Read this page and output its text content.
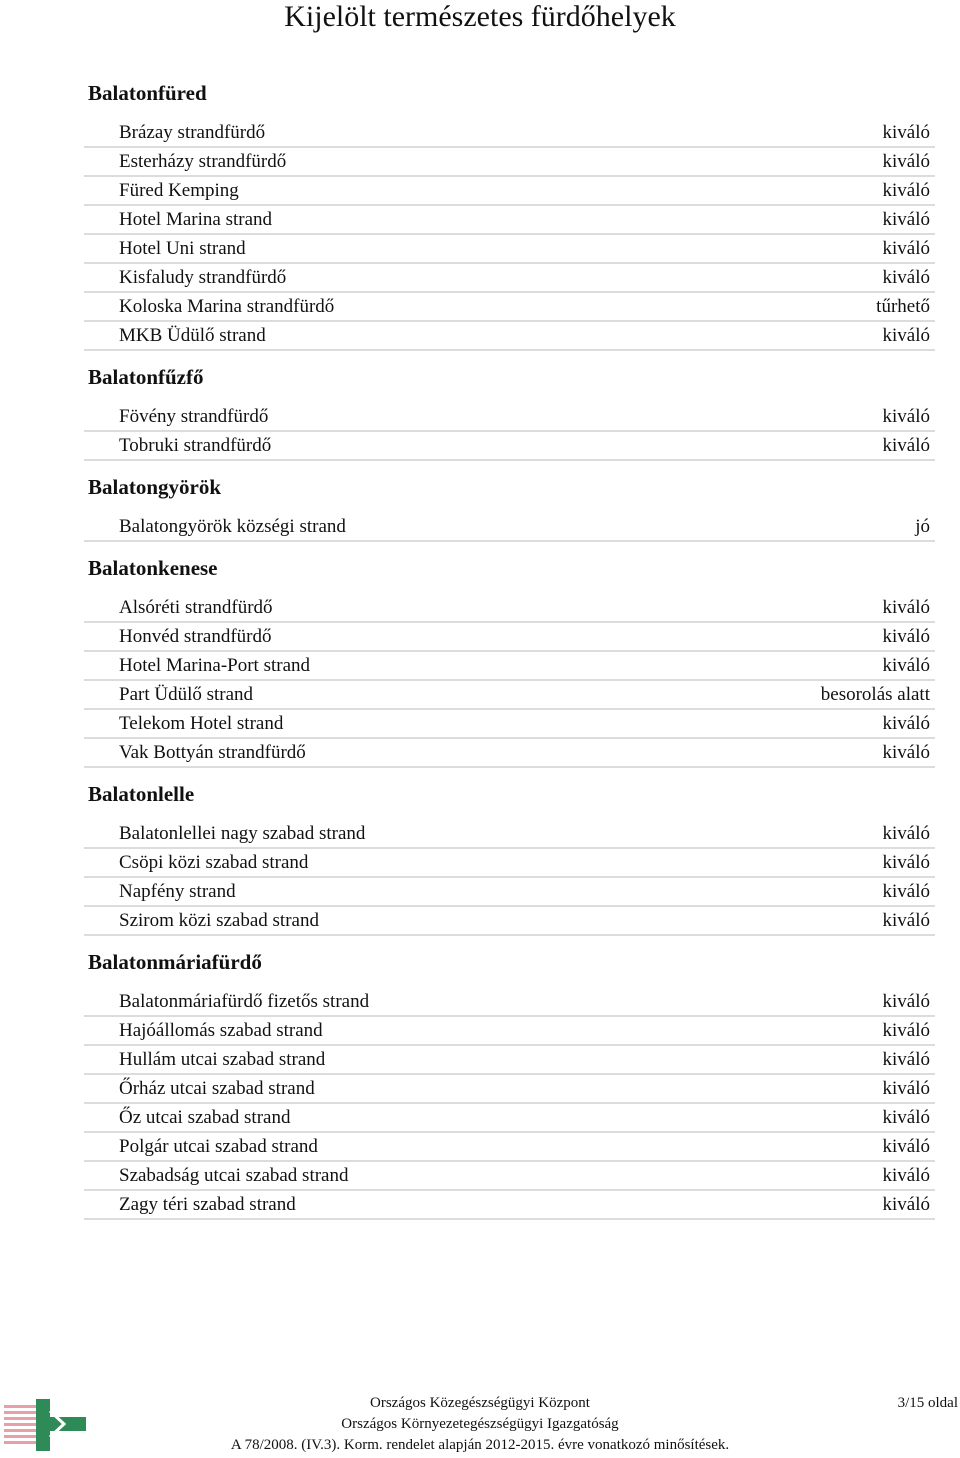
Kijelölt természetes fürdőhelyek
Balatonfüred
Brázay strandfürdő	kiváló
Esterházy strandfürdő	kiváló
Füred Kemping	kiváló
Hotel Marina strand	kiváló
Hotel Uni strand	kiváló
Kisfaludy strandfürdő	kiváló
Koloska Marina strandfürdő	tűrhető
MKB Üdülő strand	kiváló
Balatonfűzfő
Fövény strandfürdő	kiváló
Tobruki strandfürdő	kiváló
Balatongyörök
Balatongyörök községi strand	jó
Balatonkenese
Alsóréti strandfürdő	kiváló
Honvéd strandfürdő	kiváló
Hotel Marina-Port strand	kiváló
Part Üdülő strand	besorolás alatt
Telekom Hotel strand	kiváló
Vak Bottyán strandfürdő	kiváló
Balatonlelle
Balatonlellei nagy szabad strand	kiváló
Csöpi közi szabad strand	kiváló
Napfény strand	kiváló
Szirom közi szabad strand	kiváló
Balatonmáriafürdő
Balatonmáriafürdő fizetős strand	kiváló
Hajóállomás szabad strand	kiváló
Hullám utcai szabad strand	kiváló
Őrház utcai szabad strand	kiváló
Őz utcai szabad strand	kiváló
Polgár utcai szabad strand	kiváló
Szabadság utcai szabad strand	kiváló
Zagy téri szabad strand	kiváló
Országos Közegészségügyi Központ
Országos Környezetegészségügyi Igazgatóság
A 78/2008. (IV.3). Korm. rendelet alapján 2012-2015. évre vonatkozó minősítések.
3/15 oldal
